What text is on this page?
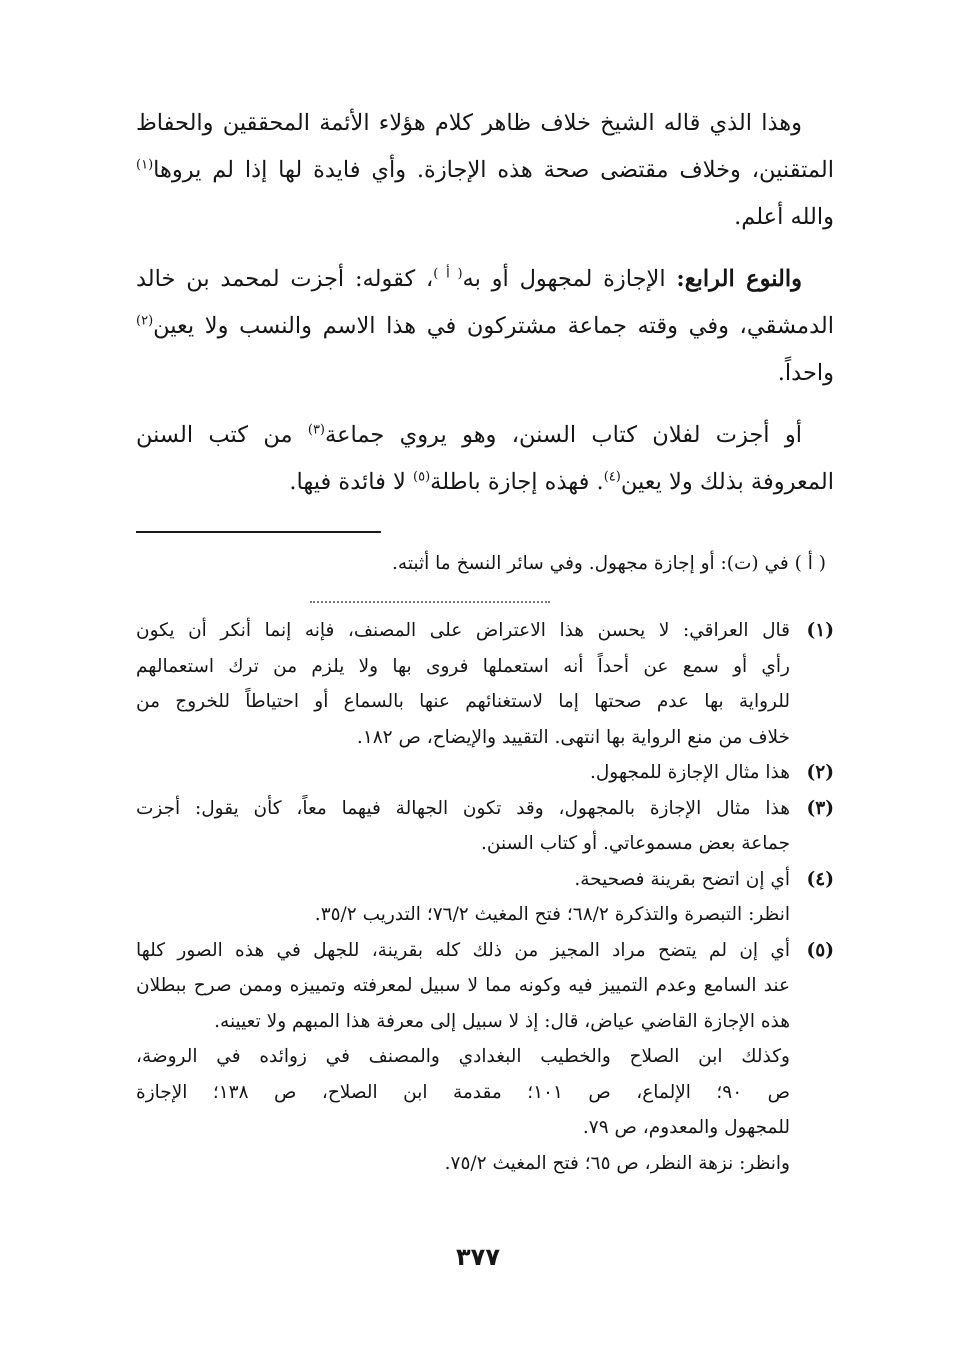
وهذا الذي قاله الشيخ خلاف ظاهر كلام هؤلاء الأئمة المحققين والحفاظ المتقنين، وخلاف مقتضى صحة هذه الإجازة. وأي فايدة لها إذا لم يروها$^{(١)}$ والله أعلم.

والنوع الرابع: الإجازة لمجهول أو به$^{( أ )}$، كقوله: أجزت لمحمد بن خالد الدمشقي، وفي وقته جماعة مشتركون في هذا الاسم والنسب ولا يعين$^{(٢)}$ واحداً.

أو أجزت لفلان كتاب السنن، وهو يروي جماعة$^{(٣)}$ من كتب السنن المعروفة بذلك ولا يعين$^{(٤)}$. فهذه إجازة باطلة$^{(٥)}$ لا فائدة فيها.

( أ ) في (ت): أو إجازة مجهول. وفي سائر النسخ ما أثبته.
(١)
قال العراقي: لا يحسن هذا الاعتراض على المصنف، فإنه إنما أنكر أن يكون
رأي أو سمع عن أحداً أنه استعملها فروى بها ولا يلزم من ترك استعمالهم
للرواية بها عدم صحتها إما لاستغنائهم عنها بالسماع أو احتياطاً للخروج من
خلاف من منع الرواية بها انتهى. التقييد والإيضاح، ص ١٨٢.
(٢)
هذا مثال الإجازة للمجهول.
(٣)
هذا مثال الإجازة بالمجهول، وقد تكون الجهالة فيهما معاً، كأن يقول: أجزت
جماعة بعض مسموعاتي. أو كتاب السنن.
(٤)
أي إن اتضح بقرينة فصحيحة.
انظر: التبصرة والتذكرة ٦٨/٢؛ فتح المغيث ٧٦/٢؛ التدريب ٣٥/٢.
(٥)
أي إن لم يتضح مراد المجيز من ذلك كله بقرينة، للجهل في هذه الصور كلها
عند السامع وعدم التمييز فيه وكونه مما لا سبيل لمعرفته وتمييزه وممن صرح ببطلان
هذه الإجازة القاضي عياض، قال: إذ لا سبيل إلى معرفة هذا المبهم ولا تعيينه.
وكذلك ابن الصلاح والخطيب البغدادي والمصنف في زوائده في الروضة،
ص ٩٠؛ الإلماع، ص ١٠١؛ مقدمة ابن الصلاح، ص ١٣٨؛ الإجازة
للمجهول والمعدوم، ص ٧٩.
وانظر: نزهة النظر، ص ٦٥؛ فتح المغيث ٧٥/٢.
٣٧٧
